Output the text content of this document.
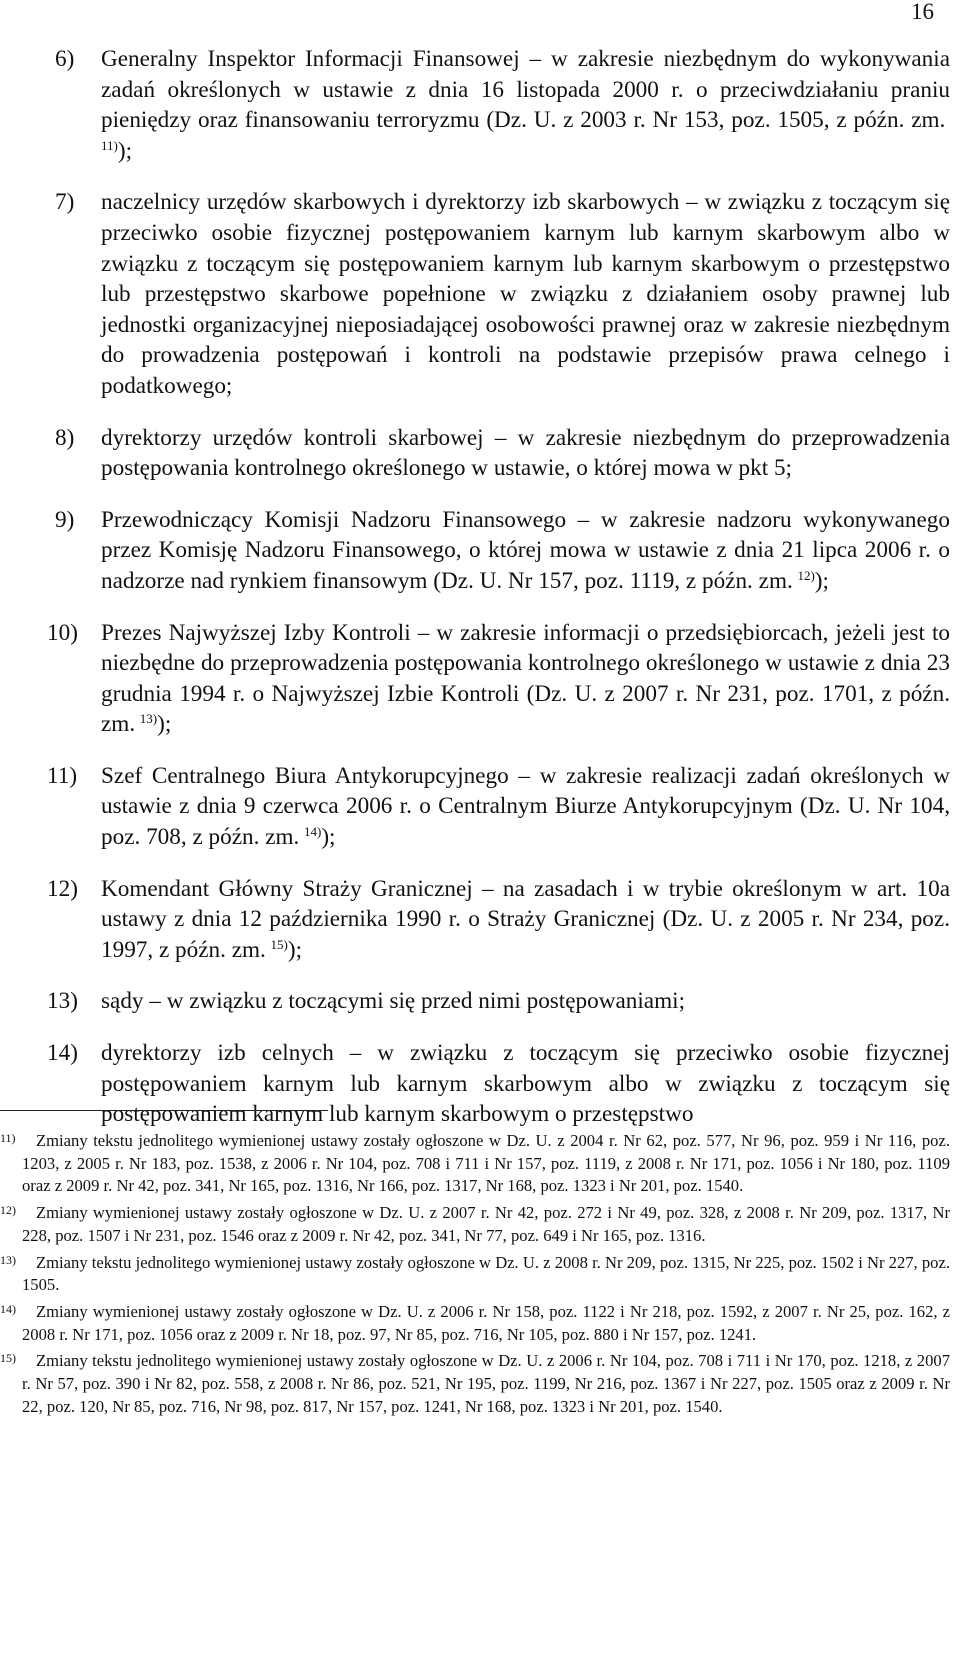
16
6) Generalny Inspektor Informacji Finansowej – w zakresie niezbędnym do wykonywania zadań określonych w ustawie z dnia 16 listopada 2000 r. o przeciwdziałaniu praniu pieniędzy oraz finansowaniu terroryzmu (Dz. U. z 2003 r. Nr 153, poz. 1505, z późn. zm. $^{11)}$);
7) naczelnicy urzędów skarbowych i dyrektorzy izb skarbowych – w związku z toczącym się przeciwko osobie fizycznej postępowaniem karnym lub karnym skarbowym albo w związku z toczącym się postępowaniem karnym lub karnym skarbowym o przestępstwo lub przestępstwo skarbowe popełnione w związku z działaniem osoby prawnej lub jednostki organizacyjnej nieposiadającej osobowości prawnej oraz w zakresie niezbędnym do prowadzenia postępowań i kontroli na podstawie przepisów prawa celnego i podatkowego;
8) dyrektorzy urzędów kontroli skarbowej – w zakresie niezbędnym do przeprowadzenia postępowania kontrolnego określonego w ustawie, o której mowa w pkt 5;
9) Przewodniczący Komisji Nadzoru Finansowego – w zakresie nadzoru wykonywanego przez Komisję Nadzoru Finansowego, o której mowa w ustawie z dnia 21 lipca 2006 r. o nadzorze nad rynkiem finansowym (Dz. U. Nr 157, poz. 1119, z późn. zm.  $^{12)}$);
10) Prezes Najwyższej Izby Kontroli – w zakresie informacji o przedsiębiorcach, jeżeli jest to niezbędne do przeprowadzenia postępowania kontrolnego określonego w ustawie z dnia 23 grudnia 1994 r. o Najwyższej Izbie Kontroli (Dz. U. z 2007 r. Nr 231, poz. 1701, z późn. zm.  $^{13)}$);
11) Szef Centralnego Biura Antykorupcyjnego – w zakresie realizacji zadań określonych w ustawie z dnia 9 czerwca 2006 r. o Centralnym Biurze Antykorupcyjnym (Dz. U. Nr 104, poz. 708, z późn. zm.  $^{14)}$);
12) Komendant Główny Straży Granicznej – na zasadach i w trybie określonym w art. 10a ustawy z dnia 12 października 1990 r. o Straży Granicznej (Dz. U. z 2005 r. Nr 234, poz. 1997, z późn. zm.  $^{15)}$);
13) sądy – w związku z toczącymi się przed nimi postępowaniami;
14) dyrektorzy izb celnych – w związku z toczącym się przeciwko osobie fizycznej postępowaniem karnym lub karnym skarbowym albo w związku z toczącym się postępowaniem karnym lub karnym skarbowym o przestępstwo
11)	Zmiany tekstu jednolitego wymienionej ustawy zostały ogłoszone w Dz. U. z 2004 r. Nr 62, poz. 577, Nr 96, poz. 959 i Nr 116, poz. 1203, z 2005 r. Nr 183, poz. 1538, z 2006 r. Nr 104, poz. 708 i 711 i Nr 157, poz. 1119, z 2008 r. Nr 171, poz. 1056 i Nr 180, poz. 1109 oraz z 2009 r. Nr 42, poz. 341, Nr 165, poz. 1316, Nr 166, poz. 1317, Nr 168, poz. 1323 i Nr 201, poz. 1540.
12)	Zmiany wymienionej ustawy zostały ogłoszone w Dz. U. z 2007 r. Nr 42, poz. 272 i Nr 49, poz. 328, z 2008 r. Nr 209, poz. 1317, Nr 228, poz. 1507 i Nr 231, poz. 1546 oraz z 2009 r. Nr 42, poz. 341, Nr 77, poz. 649 i Nr 165, poz. 1316.
13)	Zmiany tekstu jednolitego wymienionej ustawy zostały ogłoszone w Dz. U. z 2008 r. Nr 209, poz. 1315, Nr 225, poz. 1502 i Nr 227, poz. 1505.
14)	Zmiany wymienionej ustawy zostały ogłoszone w Dz. U. z 2006 r. Nr 158, poz. 1122 i Nr 218, poz. 1592, z 2007 r. Nr 25, poz. 162, z 2008 r. Nr 171, poz. 1056 oraz z 2009 r. Nr 18, poz. 97, Nr 85, poz. 716, Nr 105, poz. 880 i Nr 157, poz. 1241.
15)	Zmiany tekstu jednolitego wymienionej ustawy zostały ogłoszone w Dz. U. z 2006 r. Nr 104, poz. 708 i 711 i Nr 170, poz. 1218, z 2007 r. Nr 57, poz. 390 i Nr 82, poz. 558, z 2008 r. Nr 86, poz. 521, Nr 195, poz. 1199, Nr 216, poz. 1367 i Nr 227, poz. 1505 oraz z 2009 r. Nr 22, poz. 120, Nr 85, poz. 716, Nr 98, poz. 817, Nr 157, poz. 1241, Nr 168, poz. 1323 i Nr 201, poz. 1540.
